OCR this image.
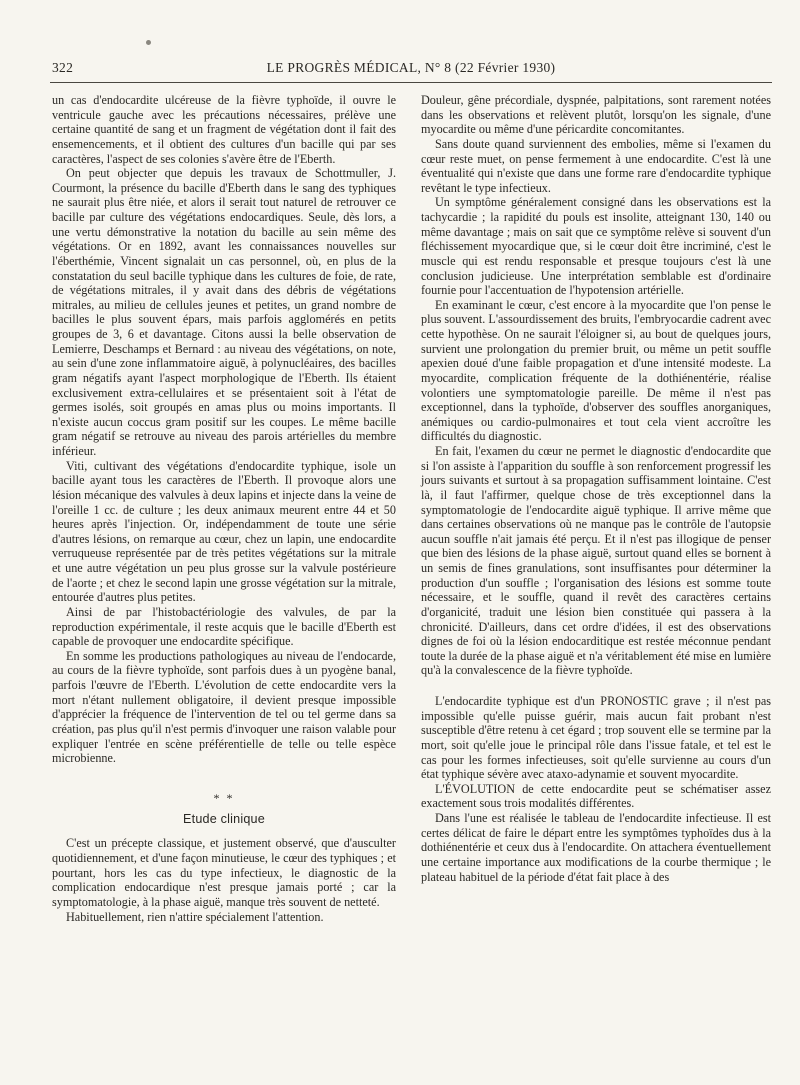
322	LE PROGRÈS MÉDICAL, N° 8 (22 Février 1930)

un cas d'endocardite ulcéreuse de la fièvre typhoïde, il ouvre le ventricule gauche avec les précautions nécessaires, prélève une certaine quantité de sang et un fragment de végétation dont il fait des ensemencements, et il obtient des cultures d'un bacille qui par ses caractères, l'aspect de ses colonies s'avère être de l'Eberth.

On peut objecter que depuis les travaux de Schottmuller, J. Courmont, la présence du bacille d'Eberth dans le sang des typhiques ne saurait plus être niée, et alors il serait tout naturel de retrouver ce bacille par culture des végétations endocardiques. Seule, dès lors, a une vertu démonstrative la notation du bacille au sein même des végétations. Or en 1892, avant les connaissances nouvelles sur l'éberthémie, Vincent signalait un cas personnel, où, en plus de la constatation du seul bacille typhique dans les cultures de foie, de rate, de végétations mitrales, il y avait dans des débris de végétations mitrales, au milieu de cellules jeunes et petites, un grand nombre de bacilles le plus souvent épars, mais parfois agglomérés en petits groupes de 3, 6 et davantage. Citons aussi la belle observation de Lemierre, Deschamps et Bernard : au niveau des végétations, on note, au sein d'une zone inflammatoire aiguë, à polynucléaires, des bacilles gram négatifs ayant l'aspect morphologique de l'Eberth. Ils étaient exclusivement extra-cellulaires et se présentaient soit à l'état de germes isolés, soit groupés en amas plus ou moins importants. Il n'existe aucun coccus gram positif sur les coupes. Le même bacille gram négatif se retrouve au niveau des parois artérielles du membre inférieur.

Viti, cultivant des végétations d'endocardite typhique, isole un bacille ayant tous les caractères de l'Eberth. Il provoque alors une lésion mécanique des valvules à deux lapins et injecte dans la veine de l'oreille 1 cc. de culture ; les deux animaux meurent entre 44 et 50 heures après l'injection. Or, indépendamment de toute une série d'autres lésions, on remarque au cœur, chez un lapin, une endocardite verruqueuse représentée par de très petites végétations sur la mitrale et une autre végétation un peu plus grosse sur la valvule postérieure de l'aorte ; et chez le second lapin une grosse végétation sur la mitrale, entourée d'autres plus petites.

Ainsi de par l'histobactériologie des valvules, de par la reproduction expérimentale, il reste acquis que le bacille d'Eberth est capable de provoquer une endocardite spécifique.

En somme les productions pathologiques au niveau de l'endocarde, au cours de la fièvre typhoïde, sont parfois dues à un pyogène banal, parfois l'œuvre de l'Eberth. L'évolution de cette endocardite vers la mort n'étant nullement obligatoire, il devient presque impossible d'apprécier la fréquence de l'intervention de tel ou tel germe dans sa création, pas plus qu'il n'est permis d'invoquer une raison valable pour expliquer l'entrée en scène préférentielle de telle ou telle espèce microbienne.

* *
Etude clinique

C'est un précepte classique, et justement observé, que d'ausculter quotidiennement, et d'une façon minutieuse, le cœur des typhiques ; et pourtant, hors les cas du type infectieux, le diagnostic de la complication endocardique n'est presque jamais porté ; car la symptomatologie, à la phase aiguë, manque très souvent de netteté.

Habituellement, rien n'attire spécialement l'attention.

Douleur, gêne précordiale, dyspnée, palpitations, sont rarement notées dans les observations et relèvent plutôt, lorsqu'on les signale, d'une myocardite ou même d'une péricardite concomitantes.

Sans doute quand surviennent des embolies, même si l'examen du cœur reste muet, on pense fermement à une endocardite. C'est là une éventualité qui n'existe que dans une forme rare d'endocardite typhique revêtant le type infectieux.

Un symptôme généralement consigné dans les observations est la tachycardie ; la rapidité du pouls est insolite, atteignant 130, 140 ou même davantage ; mais on sait que ce symptôme relève si souvent d'un fléchissement myocardique que, si le cœur doit être incriminé, c'est le muscle qui est rendu responsable et presque toujours c'est là une conclusion judicieuse. Une interprétation semblable est d'ordinaire fournie pour l'accentuation de l'hypotension artérielle.

En examinant le cœur, c'est encore à la myocardite que l'on pense le plus souvent. L'assourdissement des bruits, l'embryocardie cadrent avec cette hypothèse. On ne saurait l'éloigner si, au bout de quelques jours, survient une prolongation du premier bruit, ou même un petit souffle apexien doué d'une faible propagation et d'une intensité modeste. La myocardite, complication fréquente de la dothiénentérie, réalise volontiers une symptomatologie pareille. De même il n'est pas exceptionnel, dans la typhoïde, d'observer des souffles anorganiques, anémiques ou cardio-pulmonaires et tout cela vient accroître les difficultés du diagnostic.

En fait, l'examen du cœur ne permet le diagnostic d'endocardite que si l'on assiste à l'apparition du souffle à son renforcement progressif les jours suivants et surtout à sa propagation suffisamment lointaine. C'est là, il faut l'affirmer, quelque chose de très exceptionnel dans la symptomatologie de l'endocardite aiguë typhique. Il arrive même que dans certaines observations où ne manque pas le contrôle de l'autopsie aucun souffle n'ait jamais été perçu. Et il n'est pas illogique de penser que bien des lésions de la phase aiguë, surtout quand elles se bornent à un semis de fines granulations, sont insuffisantes pour déterminer la production d'un souffle ; l'organisation des lésions est somme toute nécessaire, et le souffle, quand il revêt des caractères certains d'organicité, traduit une lésion bien constituée qui passera à la chronicité. D'ailleurs, dans cet ordre d'idées, il est des observations dignes de foi où la lésion endocarditique est restée méconnue pendant toute la durée de la phase aiguë et n'a véritablement été mise en lumière qu'à la convalescence de la fièvre typhoïde.

L'endocardite typhique est d'un PRONOSTIC grave ; il n'est pas impossible qu'elle puisse guérir, mais aucun fait probant n'est susceptible d'être retenu à cet égard ; trop souvent elle se termine par la mort, soit qu'elle joue le principal rôle dans l'issue fatale, et tel est le cas pour les formes infectieuses, soit qu'elle survienne au cours d'un état typhique sévère avec ataxo-adynamie et souvent myocardite.

L'ÉVOLUTION de cette endocardite peut se schématiser assez exactement sous trois modalités différentes.

Dans l'une est réalisée le tableau de l'endocardite infectieuse. Il est certes délicat de faire le départ entre les symptômes typhoïdes dus à la dothiénentérie et ceux dus à l'endocardite. On attachera éventuellement une certaine importance aux modifications de la courbe thermique ; le plateau habituel de la période d'état fait place à des
